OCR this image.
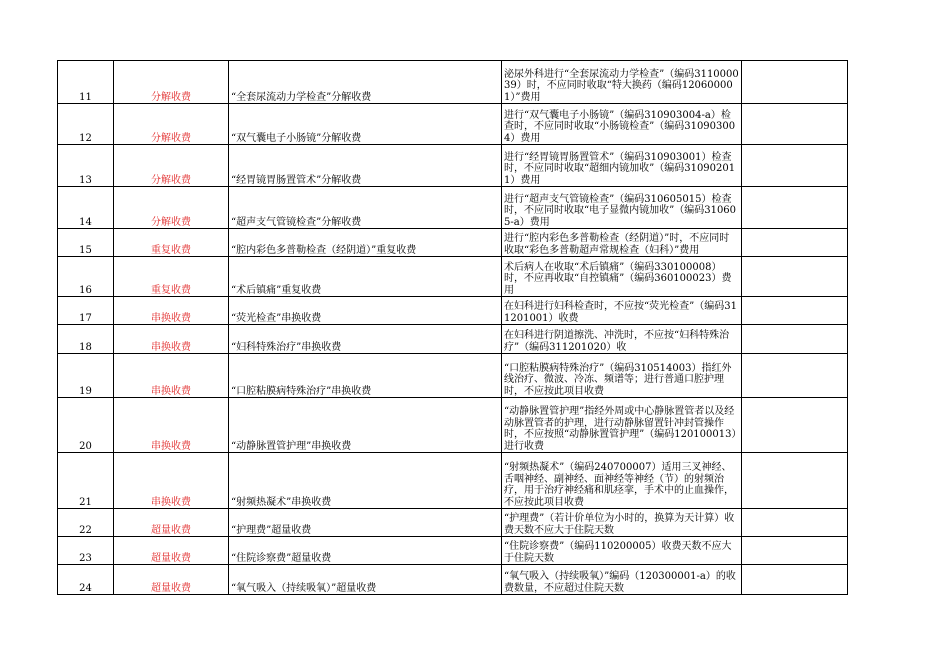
11	分解收费	“全套尿流动力学检查”分解收费	泌尿外科进行“全套尿流动力学检查”（编码311000039）时，不应同时收取“特大换药（编码120600001）”费用	
12	分解收费	“双气囊电子小肠镜”分解收费	进行“双气囊电子小肠镜”（编码310903004-a）检查时，不应同时收取“小肠镜检查”（编码310903004）费用	
13	分解收费	“经胃镜胃肠置管术”分解收费	进行“经胃镜胃肠置管术”（编码310903001）检查时，不应同时收取“超细内镜加收”（编码310902011）费用	
14	分解收费	“超声支气管镜检查”分解收费	进行“超声支气管镜检查”（编码310605015）检查时，不应同时收取“电子显微内镜加收”（编码310605-a）费用	
15	重复收费	“腔内彩色多普勒检查（经阴道）”重复收费	进行“腔内彩色多普勒检查（经阴道）”时，不应同时收取“彩色多普勒超声常规检查（妇科）”费用	
16	重复收费	“术后镇痛”重复收费	术后病人在收取“术后镇痛”（编码330100008）时，不应再收取“自控镇痛”（编码360100023）费用	
17	串换收费	“荧光检查”串换收费	在妇科进行妇科检查时，不应按“荧光检查”（编码311201001）收费	
18	串换收费	“妇科特殊治疗”串换收费	在妇科进行阴道擦洗、冲洗时，不应按“妇科特殊治疗”（编码311201020）收	
19	串换收费	“口腔粘膜病特殊治疗”串换收费	“口腔粘膜病特殊治疗”（编码310514003）指红外线治疗、微波、冷冻、频谱等；进行普通口腔护理时，不应按此项目收费	
20	串换收费	“动静脉置管护理”串换收费	“动静脉置管护理”指经外周或中心静脉置管者以及经动脉置管者的护理，进行动静脉留置针冲封管操作时，不应按照“动静脉置管护理”（编码120100013）进行收费	
21	串换收费	“射频热凝术”串换收费	“射频热凝术”（编码240700007）适用三叉神经、舌咽神经、副神经、面神经等神经（节）的射频治疗，用于治疗神经痛和肌痉挛，手术中的止血操作，不应按此项目收费	
22	超量收费	“护理费”超量收费	“护理费”（若计价单位为小时的，换算为天计算）收费天数不应大于住院天数	
23	超量收费	“住院诊察费”超量收费	“住院诊察费”（编码110200005）收费天数不应大于住院天数	
24	超量收费	“氧气吸入（持续吸氧）”超量收费	“氧气吸入（持续吸氧）”编码（120300001-a）的收费数量，不应超过住院天数	
